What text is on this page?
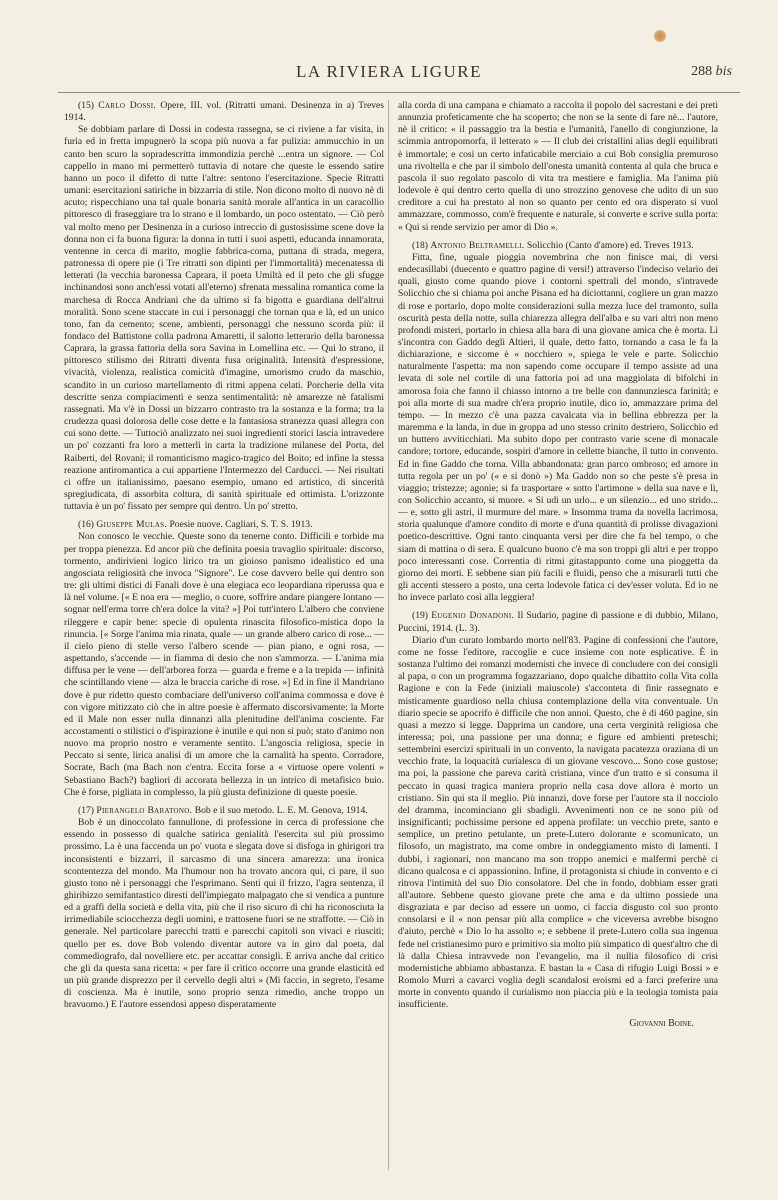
LA RIVIERA LIGURE	288 bis

(15) Carlo Dossi. Opere, III. vol. (Ritratti umani. Desinenza in a) Treves 1914.

Se dobbiam parlare di Dossi in codesta rassegna, se ci riviene a far visita, in furia ed in fretta impugnerò la scopa più nuova a far pulizia: ammucchio in un canto ben scuro la sopradescritta immondizia perchè ...entra un signore. — Col cappello in mano mi permetterò tuttavia di notare che queste le essendo satire hanno un poco il difetto di tutte l'altre: sentono l'esercitazione. Specie Ritratti umani: esercitazioni satiriche in bizzarria di stile. Non dicono molto di nuovo nè di acuto; rispecchiano una tal quale bonaria sanità morale all'antica in un caracollio pittoresco di fraseggiare tra lo strano e il lombardo, un poco ostentato. — Ciò però val molto meno per Desinenza in a curioso intreccio di gustosissime scene dove la donna non ci fa buona figura: la donna in tutti i suoi aspetti, educanda innamorata, ventenne in cerca di marito, moglie fabbrica-corna, puttana di strada, megera, patronessa di opere pie (i Tre ritratti son dipinti per l'immortalità) mecenatessa di letterati (la vecchia baronessa Caprara, il poeta Umiltà ed il peto che gli sfugge inchinandosi sono anch'essi votati all'eterno) sfrenata messalina romantica come la marchesa di Rocca Andriani che da ultimo si fa bigotta e guardiana dell'altrui moralità. Sono scene staccate in cui i personaggi che tornan qua e là, ed un unico tono, fan da cemento; scene, ambienti, personaggi che nessuno scorda più: il fondaco del Battistone colla padrona Amaretti, il salotto letterario della baronessa Caprara, la grassa fattoria della sora Savina in Lomellina etc. — Qui lo strano, il pittoresco stilismo dei Ritratti diventa fusa originalità. Intensità d'espressione, vivacità, violenza, realistica comicità d'imagine, umorismo crudo da maschio, scandito in un curioso martellamento di ritmi appena celati. Porcherie della vita descritte senza compiacimenti e senza sentimentalità: nè amarezze nè fatalismi rassegnati. Ma v'è in Dossi un bizzarro contrasto tra la sostanza e la forma; tra la crudezza quasi dolorosa delle cose dette e la fantasiosa stranezza quasi allegra con cui sono dette. — Tuttociò analizzato nei suoi ingredienti storici lascia intravedere un po' cozzanti fra loro a metterli in carta la tradizione milanese del Porta, del Raiberti, del Rovani; il romanticismo magico-tragico del Boito; ed infine la stessa reazione antiromantica a cui appartiene l'Intermezzo del Carducci. — Nei risultati ci offre un italianissimo, paesano esempio, umano ed artistico, di sincerità spregiudicata, di assorbita coltura, di sanità spirituale ed ottimista. L'orizzonte tuttavia è un po' fissato per sempre qui dentro. Un po' stretto.

(16) Giuseppe Mulas. Poesie nuove. Cagliari, S. T. S. 1913.

Non conosco le vecchie. Queste sono da tenerne conto. Difficili e torbide ma per troppa pienezza. Ed ancor più che definita poesia travaglio spirituale: discorso, tormento, andirivieni logico lirico tra un gioioso panismo idealistico ed una angosciata religiosità che invoca "Signore". Le cose davvero belle qui dentro son tre: gli ultimi distici di Fanali dove è una elegiaca eco leopardiana riperussa qua e là nel volume. [« E noa era — meglio, o cuore, soffrire andare piangere lontano — sognar nell'erma torre ch'era dolce la vita? »] Poi tutt'intero L'albero che conviene rileggere e capir bene: specie di opulenta rinascita filosofico-mistica dopo la rinuncia. [« Sorge l'anima mia rinata, quale — un grande albero carico di rose... — il cielo pieno di stelle verso l'albero scende — pian piano, e ogni rosa, — aspettando, s'accende — in fiamma di desio che non s'ammorza. — L'anima mia diffusa per le vene — dell'arborea forza — guarda e freme e a la trepida — infinità che scintillando viene — alza le braccia cariche di rose. »] Ed in fine il Mandriano dove è pur ridetto questo combaciare dell'universo coll'anima commossa e dove è con vigore mitizzato ciò che in altre poesie è affermato discorsivamente: la Morte ed il Male non esser nulla dinnanzi alla plenitudine dell'anima cosciente. Far accostamenti o stilistici o d'ispirazione è inutile e qui non si può; stato d'animo non nuovo ma proprio nostro e veramente sentito. L'angoscia religiosa, specie in Peccato si sente, lirica analisi di un amore che la carnalità ha spento. Corradore, Socrate, Bach (ma Bach non c'entra. Eccita forse a « virtuose opere volenti » Sebastiano Bach?) bagliori di accorata bellezza in un intrico di metafisico buio. Che è forse, pigliata in complesso, la più giusta definizione di queste poesie.

(17) Pierangelo Baratono. Bob e il suo metodo. L. E. M. Genova, 1914.

Bob è un dinoccolato fannullone, di professione in cerca di professione che essendo in possesso di qualche satirica genialità l'esercita sul più prossimo prossimo. La è una faccenda un po' vuota e slegata dove si disfoga in ghirigori tra inconsistenti e bizzarri, il sarcasmo di una sincera amarezza: una ironica scontentezza del mondo. Ma l'humour non ha trovato ancora qui, ci pare, il suo giusto tono nè i personaggi che l'esprimano. Senti qui il frizzo, l'agra sentenza, il ghiribizzo semifantastico diresti dell'impiegato malpagato che si vendica a punture ed a graffi della società e della vita, più che il riso sicuro di chi ha riconosciuta la irrimediabile sciocchezza degli uomini, e trattosene fuori se ne straffotte. — Ciò in generale. Nel particolare parecchi tratti e parecchi capitoli son vivaci e riusciti; quello per es. dove Bob volendo diventar autore va in giro dal poeta, dal commediografo, dal novelliere etc. per accattar consigli. E arriva anche dal critico che gli da questa sana ricetta: « per fare il critico occorre una grande elasticità ed un più grande disprezzo per il cervello degli altri » (Mi faccio, in segreto, l'esame di coscienza. Ma è inutile, sono proprio senza rimedio, anche troppo un bravuomo.) E l'autore essendosi appeso disperatamente

alla corda di una campana e chiamato a raccolta il popolo del sacrestani e dei preti annunzia profeticamente che ha scoperto; che non se la sente di fare nè... l'autore, nè il critico: « il passaggio tra la bestia e l'umanità, l'anello di congiunzione, la scimmia antropomorfa, il letterato » — Il club dei cristallini alias degli equilibrati è immortale; e così un certo infaticabile merciaio a cui Bob consiglia premuroso una rivoltella e che par il simbolo dell'onesta umanità contenta al qula che bruca e pascola il suo regolato pascolo di vita tra mestiere e famiglia. Ma l'anima più lodevole è qui dentro certo quella di uno strozzino genovese che udito di un suo creditore a cui ha prestato al non so quanto per cento ed ora disperato si vuol ammazzare, commosso, com'è frequente e naturale, si converte e scrive sulla porta: « Qui si rende servizio per amor di Dio ».

(18) Antonio Beltramelli. Solicchio (Canto d'amore) ed. Treves 1913.

Fitta, fine, uguale pioggia novembrina che non finisce mai, di versi endecasillabi (duecento e quattro pagine di versi!) attraverso l'indeciso velario dei quali, giusto come quando piove i contorni spettrali del mondo, s'intravede Solicchio che si chiama poi anche Pisana ed ha diciottanni, cogliere un gran mazzo di rose e portarlo, dopo molte considerazioni sulla mezza luce del tramonto, sulla oscurità pesta della notte, sulla chiarezza allegra dell'alba e su vari altri non meno profondi misteri, portarlo in chiesa alla bara di una giovane amica che è morta. Lì s'incontra con Gaddo degli Altieri, il quale, detto fatto, tornando a casa le fa la dichiarazione, e siccome è « nocchiero », spiega le vele e parte. Solicchio naturalmente l'aspetta: ma non sapendo come occupare il tempo assiste ad una levata di sole nel cortile di una fattoria poi ad una maggiolata di bifolchi in amorosa foia che fanno il chiasso intorno a tre belle con dannunziesca farinità; e poi alla morte di sua madre ch'era proprio inutile, dico io, ammazzare prima del tempo. — In mezzo c'è una pazza cavalcata via in bellina ebbrezza per la maremma e la landa, in due in groppa ad uno stesso crinito destriero, Solicchio ed un buttero avviticchiati. Ma subito dopo per contrasto varie scene di monacale candore; tortore, educande, sospiri d'amore in cellette bianche, il tutto in convento. Ed in fine Gaddo che torna. Villa abbandonata: gran parco ombroso; ed amore in tutta regola per un po' (« e si donò ») Ma Gaddo non so che peste s'è presa in viaggio; tristezze; agonie; si fa trasportare « sotto l'artimone » della sua nave e lì, con Solicchio accanto, si muore. « Si udì un urlo... e un silenzio... ed uno strido... — e, sotto gli astri, il murmure del mare. » Insomma trama da novella lacrimosa, storia qualunque d'amore condito di morte e d'una quantità di prolisse divagazioni poetico-descrittive. Ogni tanto cinquanta versi per dire che fa bel tempo, o che siam di mattina o di sera. E qualcuno buono c'è ma son troppi gli altri e per troppo poco interessanti cose. Correntia di ritmi gitastappunto come una pioggetta da giorno dei morti. E sebbene sian più facili e fluidi, penso che a misurarli tutti che gli accenti stessero a posto, una certa lodevole fatica ci dev'esser voluta. Ed io ne ho invece parlato così alla leggiera!

(19) Eugenio Donadoni. Il Sudario, pagine di passione e di dubbio, Milano, Puccini, 1914. (L. 3).

Diario d'un curato lombardo morto nell'83. Pagine di confessioni che l'autore, come ne fosse l'editore, raccoglie e cuce insieme con note esplicative. È in sostanza l'ultimo dei romanzi modernisti che invece di concludere con dei consigli al papa, o con un programma fogazzariano, dopo qualche dibattito colla Vita colla Ragione e con la Fede (iniziali maiuscole) s'acconteta di finir rassegnato e misticamente guardioso nella chiusa contemplazione della vita conventuale. Un diario specie se apocrifo è difficile che non annoi. Questo, che è di 460 pagine, sin quasi a mezzo si legge. Dapprima un candore, una certa verginità religiosa che interessa; poi, una passione per una donna; e figure ed ambienti preteschi; settembrini esercizi spirituali in un convento, la navigata pacatezza oraziana di un vecchio frate, la loquacità curialesca di un giovane vescovo... Sono cose gustose; ma poi, la passione che pareva carità cristiana, vince d'un tratto e si consuma il peccato in quasi tragica maniera proprio nella casa dove allora è morto un cristiano. Sin qui sta il meglio. Più innanzi, dove forse per l'autore sta il nocciolo del dramma, incominciano gli sbadigli. Avvenimenti non ce ne sono più od insignificanti; pochissime persone ed appena profilate: un vecchio prete, santo e semplice, un pretino petulante, un prete-Lutero dolorante e scomunicato, un filosofo, un magistrato, ma come ombre in ondeggiamento misto di lamenti. I dubbi, i ragionari, non mancano ma son troppo anemici e malfermi perchè ci dicano qualcosa e ci appassionino. Infine, il protagonista si chiude in convento e ci ritrova l'intimità del suo Dio consolatore. Del che in fondo, dobbiam esser grati all'autore. Sebbene questo giovane prete che ama e da ultimo possiede una disgraziata e par deciso ad essere un uomo, ci faccia disgusto col suo pronto consolarsi e il « non pensar più alla complice » che viceversa avrebbe bisogno d'aiuto, perchè « Dio lo ha assolto »; e sebbene il prete-Lutero colla sua ingenua fede nel cristianesimo puro e primitivo sia molto più simpatico di quest'altro che di là dalla Chiesa intravvede non l'evangelio, ma il nullia filosofico di crisi modernistiche abbiamo abbastanza. E bastan la « Casa di rifugio Luigi Bossi » e Romolo Murri a cavarci voglia degli scandalosi eroismi ed a farci preferire una morte in convento quando il curialismo non piaccia più e la teologia tomista paia insufficiente.

Giovanni Boine.
